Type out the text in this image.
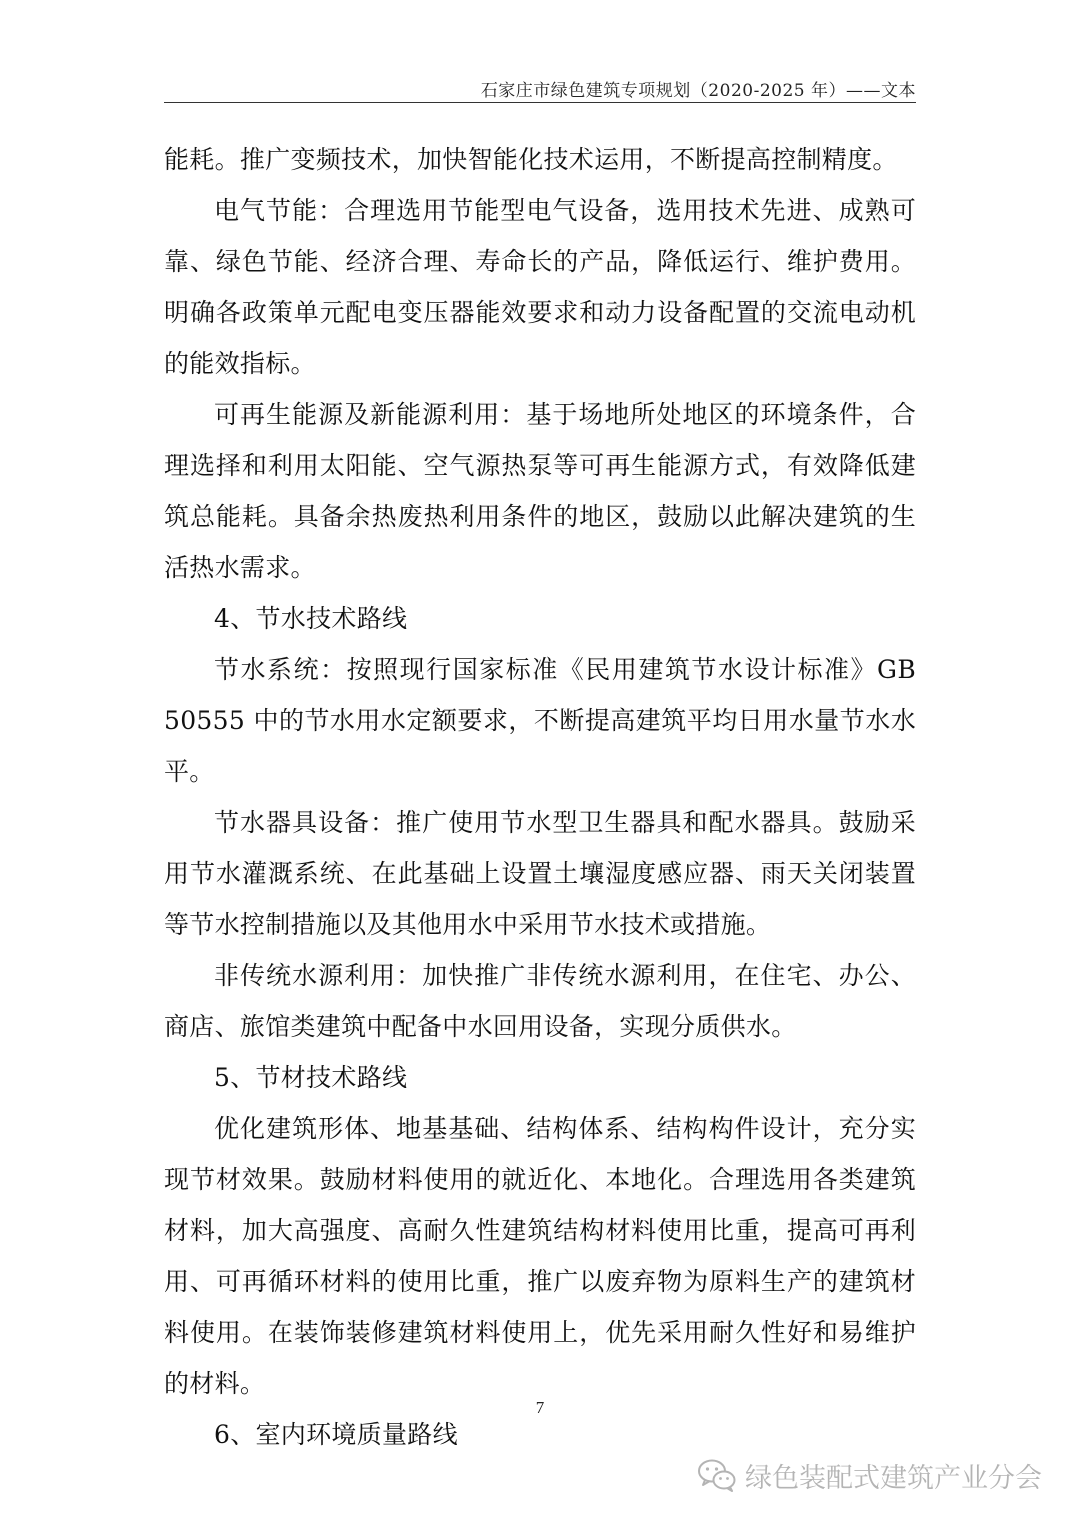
石家庄市绿色建筑专项规划（2020-2025 年）——文本

能耗。推广变频技术，加快智能化技术运用，不断提高控制精度。

电气节能：合理选用节能型电气设备，选用技术先进、成熟可靠、绿色节能、经济合理、寿命长的产品，降低运行、维护费用。明确各政策单元配电变压器能效要求和动力设备配置的交流电动机的能效指标。

可再生能源及新能源利用：基于场地所处地区的环境条件，合理选择和利用太阳能、空气源热泵等可再生能源方式，有效降低建筑总能耗。具备余热废热利用条件的地区，鼓励以此解决建筑的生活热水需求。

4、节水技术路线

节水系统：按照现行国家标准《民用建筑节水设计标准》GB 50555 中的节水用水定额要求，不断提高建筑平均日用水量节水水平。

节水器具设备：推广使用节水型卫生器具和配水器具。鼓励采用节水灌溉系统、在此基础上设置土壤湿度感应器、雨天关闭装置等节水控制措施以及其他用水中采用节水技术或措施。

非传统水源利用：加快推广非传统水源利用，在住宅、办公、商店、旅馆类建筑中配备中水回用设备，实现分质供水。

5、节材技术路线

优化建筑形体、地基基础、结构体系、结构构件设计，充分实现节材效果。鼓励材料使用的就近化、本地化。合理选用各类建筑材料，加大高强度、高耐久性建筑结构材料使用比重，提高可再利用、可再循环材料的使用比重，推广以废弃物为原料生产的建筑材料使用。在装饰装修建筑材料使用上，优先采用耐久性好和易维护的材料。

6、室内环境质量路线

7
绿色装配式建筑产业分会
